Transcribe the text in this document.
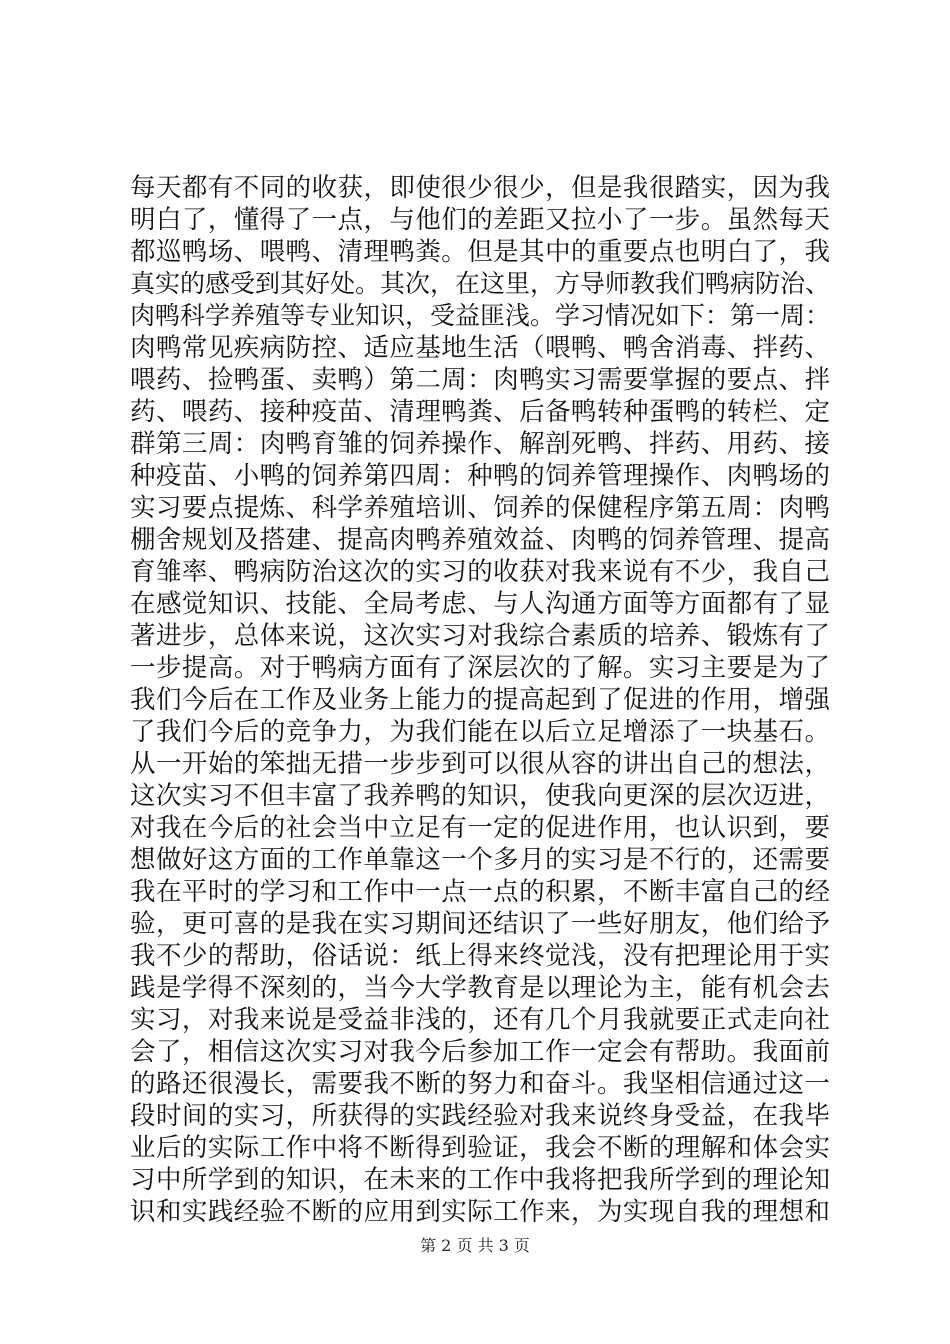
每天都有不同的收获，即使很少很少，但是我很踏实，因为我
明白了，懂得了一点，与他们的差距又拉小了一步。虽然每天
都巡鸭场、喂鸭、清理鸭粪。但是其中的重要点也明白了，我
真实的感受到其好处。其次，在这里，方导师教我们鸭病防治、
肉鸭科学养殖等专业知识，受益匪浅。学习情况如下：第一周：
肉鸭常见疾病防控、适应基地生活（喂鸭、鸭舍消毒、拌药、
喂药、捡鸭蛋、卖鸭）第二周：肉鸭实习需要掌握的要点、拌
药、喂药、接种疫苗、清理鸭粪、后备鸭转种蛋鸭的转栏、定
群第三周：肉鸭育雏的饲养操作、解剖死鸭、拌药、用药、接
种疫苗、小鸭的饲养第四周：种鸭的饲养管理操作、肉鸭场的
实习要点提炼、科学养殖培训、饲养的保健程序第五周：肉鸭
棚舍规划及搭建、提高肉鸭养殖效益、肉鸭的饲养管理、提高
育雏率、鸭病防治这次的实习的收获对我来说有不少，我自己
在感觉知识、技能、全局考虑、与人沟通方面等方面都有了显
著进步，总体来说，这次实习对我综合素质的培养、锻炼有了
一步提高。对于鸭病方面有了深层次的了解。实习主要是为了
我们今后在工作及业务上能力的提高起到了促进的作用，增强
了我们今后的竞争力，为我们能在以后立足增添了一块基石。
从一开始的笨拙无措一步步到可以很从容的讲出自己的想法，
这次实习不但丰富了我养鸭的知识，使我向更深的层次迈进，
对我在今后的社会当中立足有一定的促进作用，也认识到，要
想做好这方面的工作单靠这一个多月的实习是不行的，还需要
我在平时的学习和工作中一点一点的积累，不断丰富自己的经
验，更可喜的是我在实习期间还结识了一些好朋友，他们给予
我不少的帮助，俗话说：纸上得来终觉浅，没有把理论用于实
践是学得不深刻的，当今大学教育是以理论为主，能有机会去
实习，对我来说是受益非浅的，还有几个月我就要正式走向社
会了，相信这次实习对我今后参加工作一定会有帮助。我面前
的路还很漫长，需要我不断的努力和奋斗。我坚相信通过这一
段时间的实习，所获得的实践经验对我来说终身受益，在我毕
业后的实际工作中将不断得到验证，我会不断的理解和体会实
习中所学到的知识，在未来的工作中我将把我所学到的理论知
识和实践经验不断的应用到实际工作来，为实现自我的理想和
第 2 页 共 3 页
